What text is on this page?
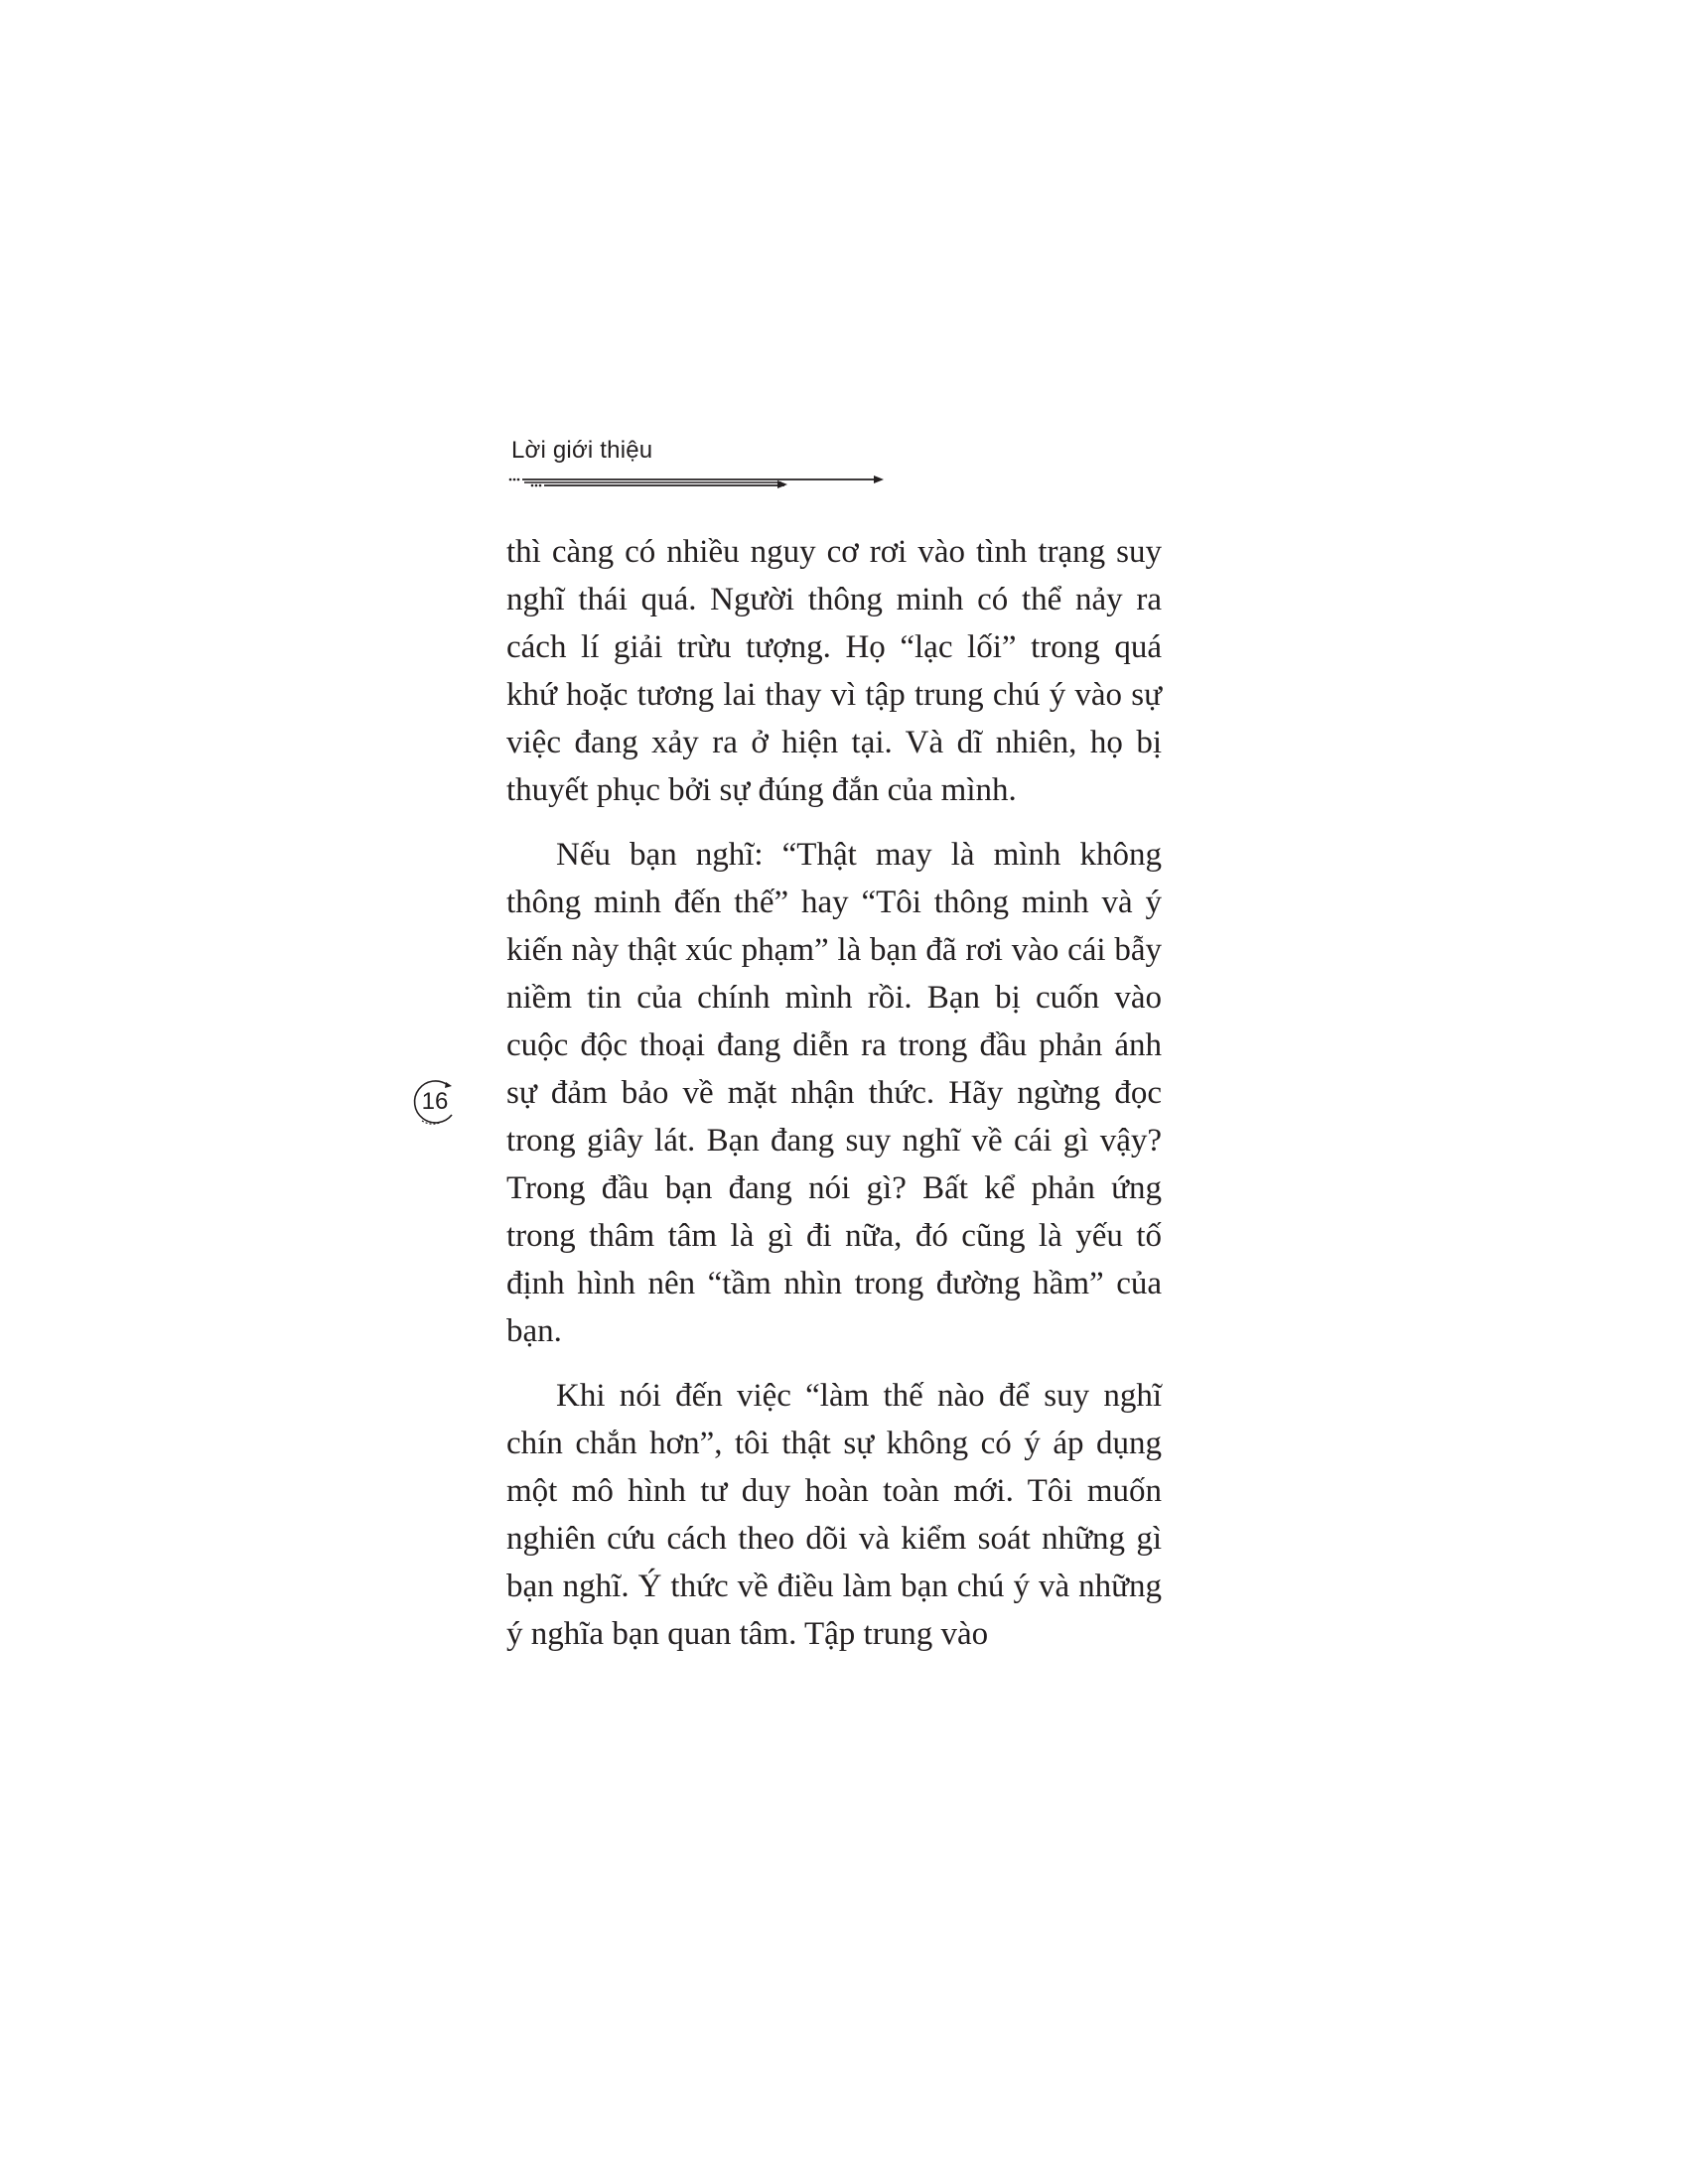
Lời giới thiệu

thì càng có nhiều nguy cơ rơi vào tình trạng suy nghĩ thái quá. Người thông minh có thể nảy ra cách lí giải trừu tượng. Họ “lạc lối” trong quá khứ hoặc tương lai thay vì tập trung chú ý vào sự việc đang xảy ra ở hiện tại. Và dĩ nhiên, họ bị thuyết phục bởi sự đúng đắn của mình.

Nếu bạn nghĩ: “Thật may là mình không thông minh đến thế” hay “Tôi thông minh và ý kiến này thật xúc phạm” là bạn đã rơi vào cái bẫy niềm tin của chính mình rồi. Bạn bị cuốn vào cuộc độc thoại đang diễn ra trong đầu phản ánh sự đảm bảo về mặt nhận thức. Hãy ngừng đọc trong giây lát. Bạn đang suy nghĩ về cái gì vậy? Trong đầu bạn đang nói gì? Bất kể phản ứng trong thâm tâm là gì đi nữa, đó cũng là yếu tố định hình nên “tầm nhìn trong đường hầm” của bạn.

Khi nói đến việc “làm thế nào để suy nghĩ chín chắn hơn”, tôi thật sự không có ý áp dụng một mô hình tư duy hoàn toàn mới. Tôi muốn nghiên cứu cách theo dõi và kiểm soát những gì bạn nghĩ. Ý thức về điều làm bạn chú ý và những ý nghĩa bạn quan tâm. Tập trung vào

16
